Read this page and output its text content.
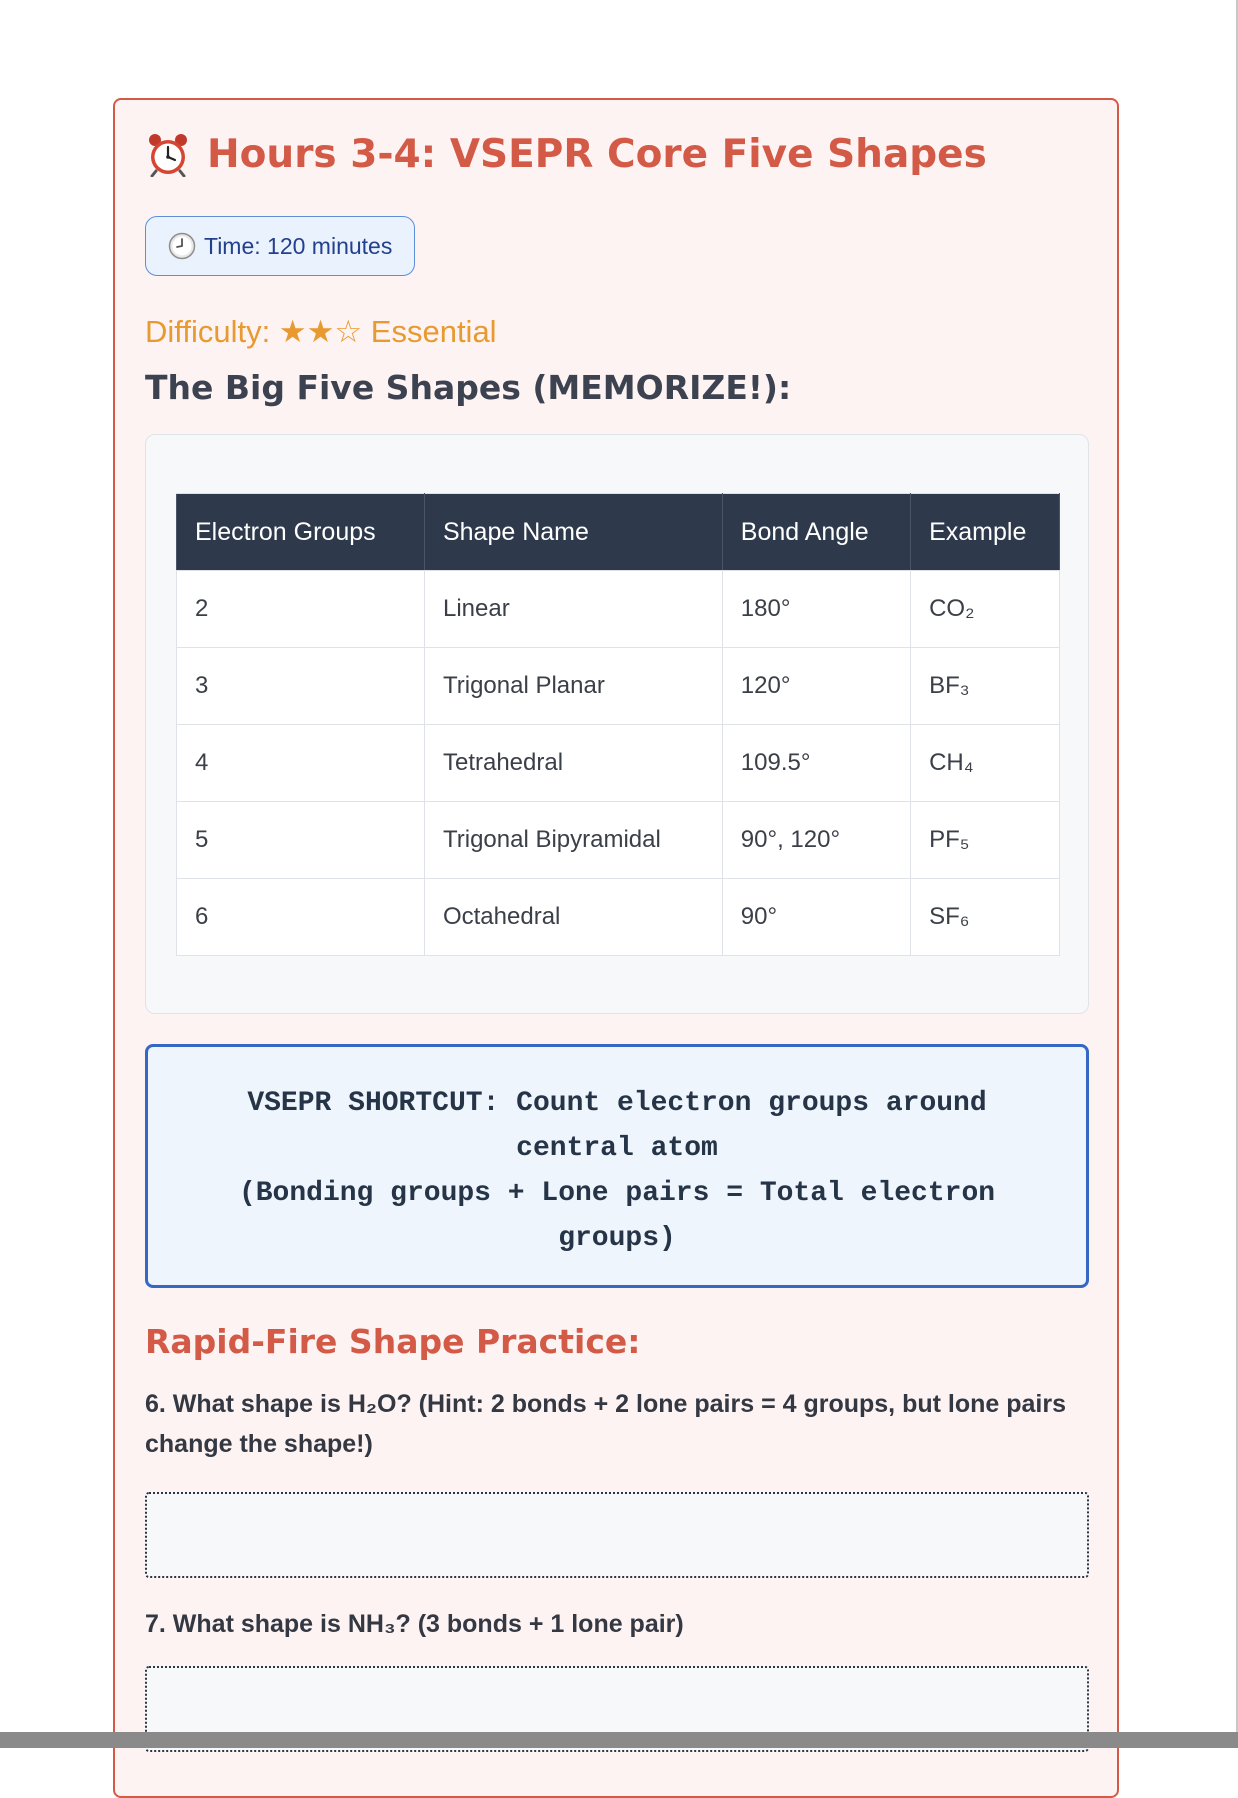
Hours 3-4: VSEPR Core Five Shapes
Time: 120 minutes
Difficulty: ★★☆ Essential
The Big Five Shapes (MEMORIZE!):
Electron Groups	Shape Name	Bond Angle	Example
2	Linear	180°	CO₂
3	Trigonal Planar	120°	BF₃
4	Tetrahedral	109.5°	CH₄
5	Trigonal Bipyramidal	90°, 120°	PF₅
6	Octahedral	90°	SF₆
VSEPR SHORTCUT: Count electron groups around central atom
(Bonding groups + Lone pairs = Total electron groups)
Rapid-Fire Shape Practice:
6. What shape is H₂O? (Hint: 2 bonds + 2 lone pairs = 4 groups, but lone pairs change the shape!)
7. What shape is NH₃? (3 bonds + 1 lone pair)
